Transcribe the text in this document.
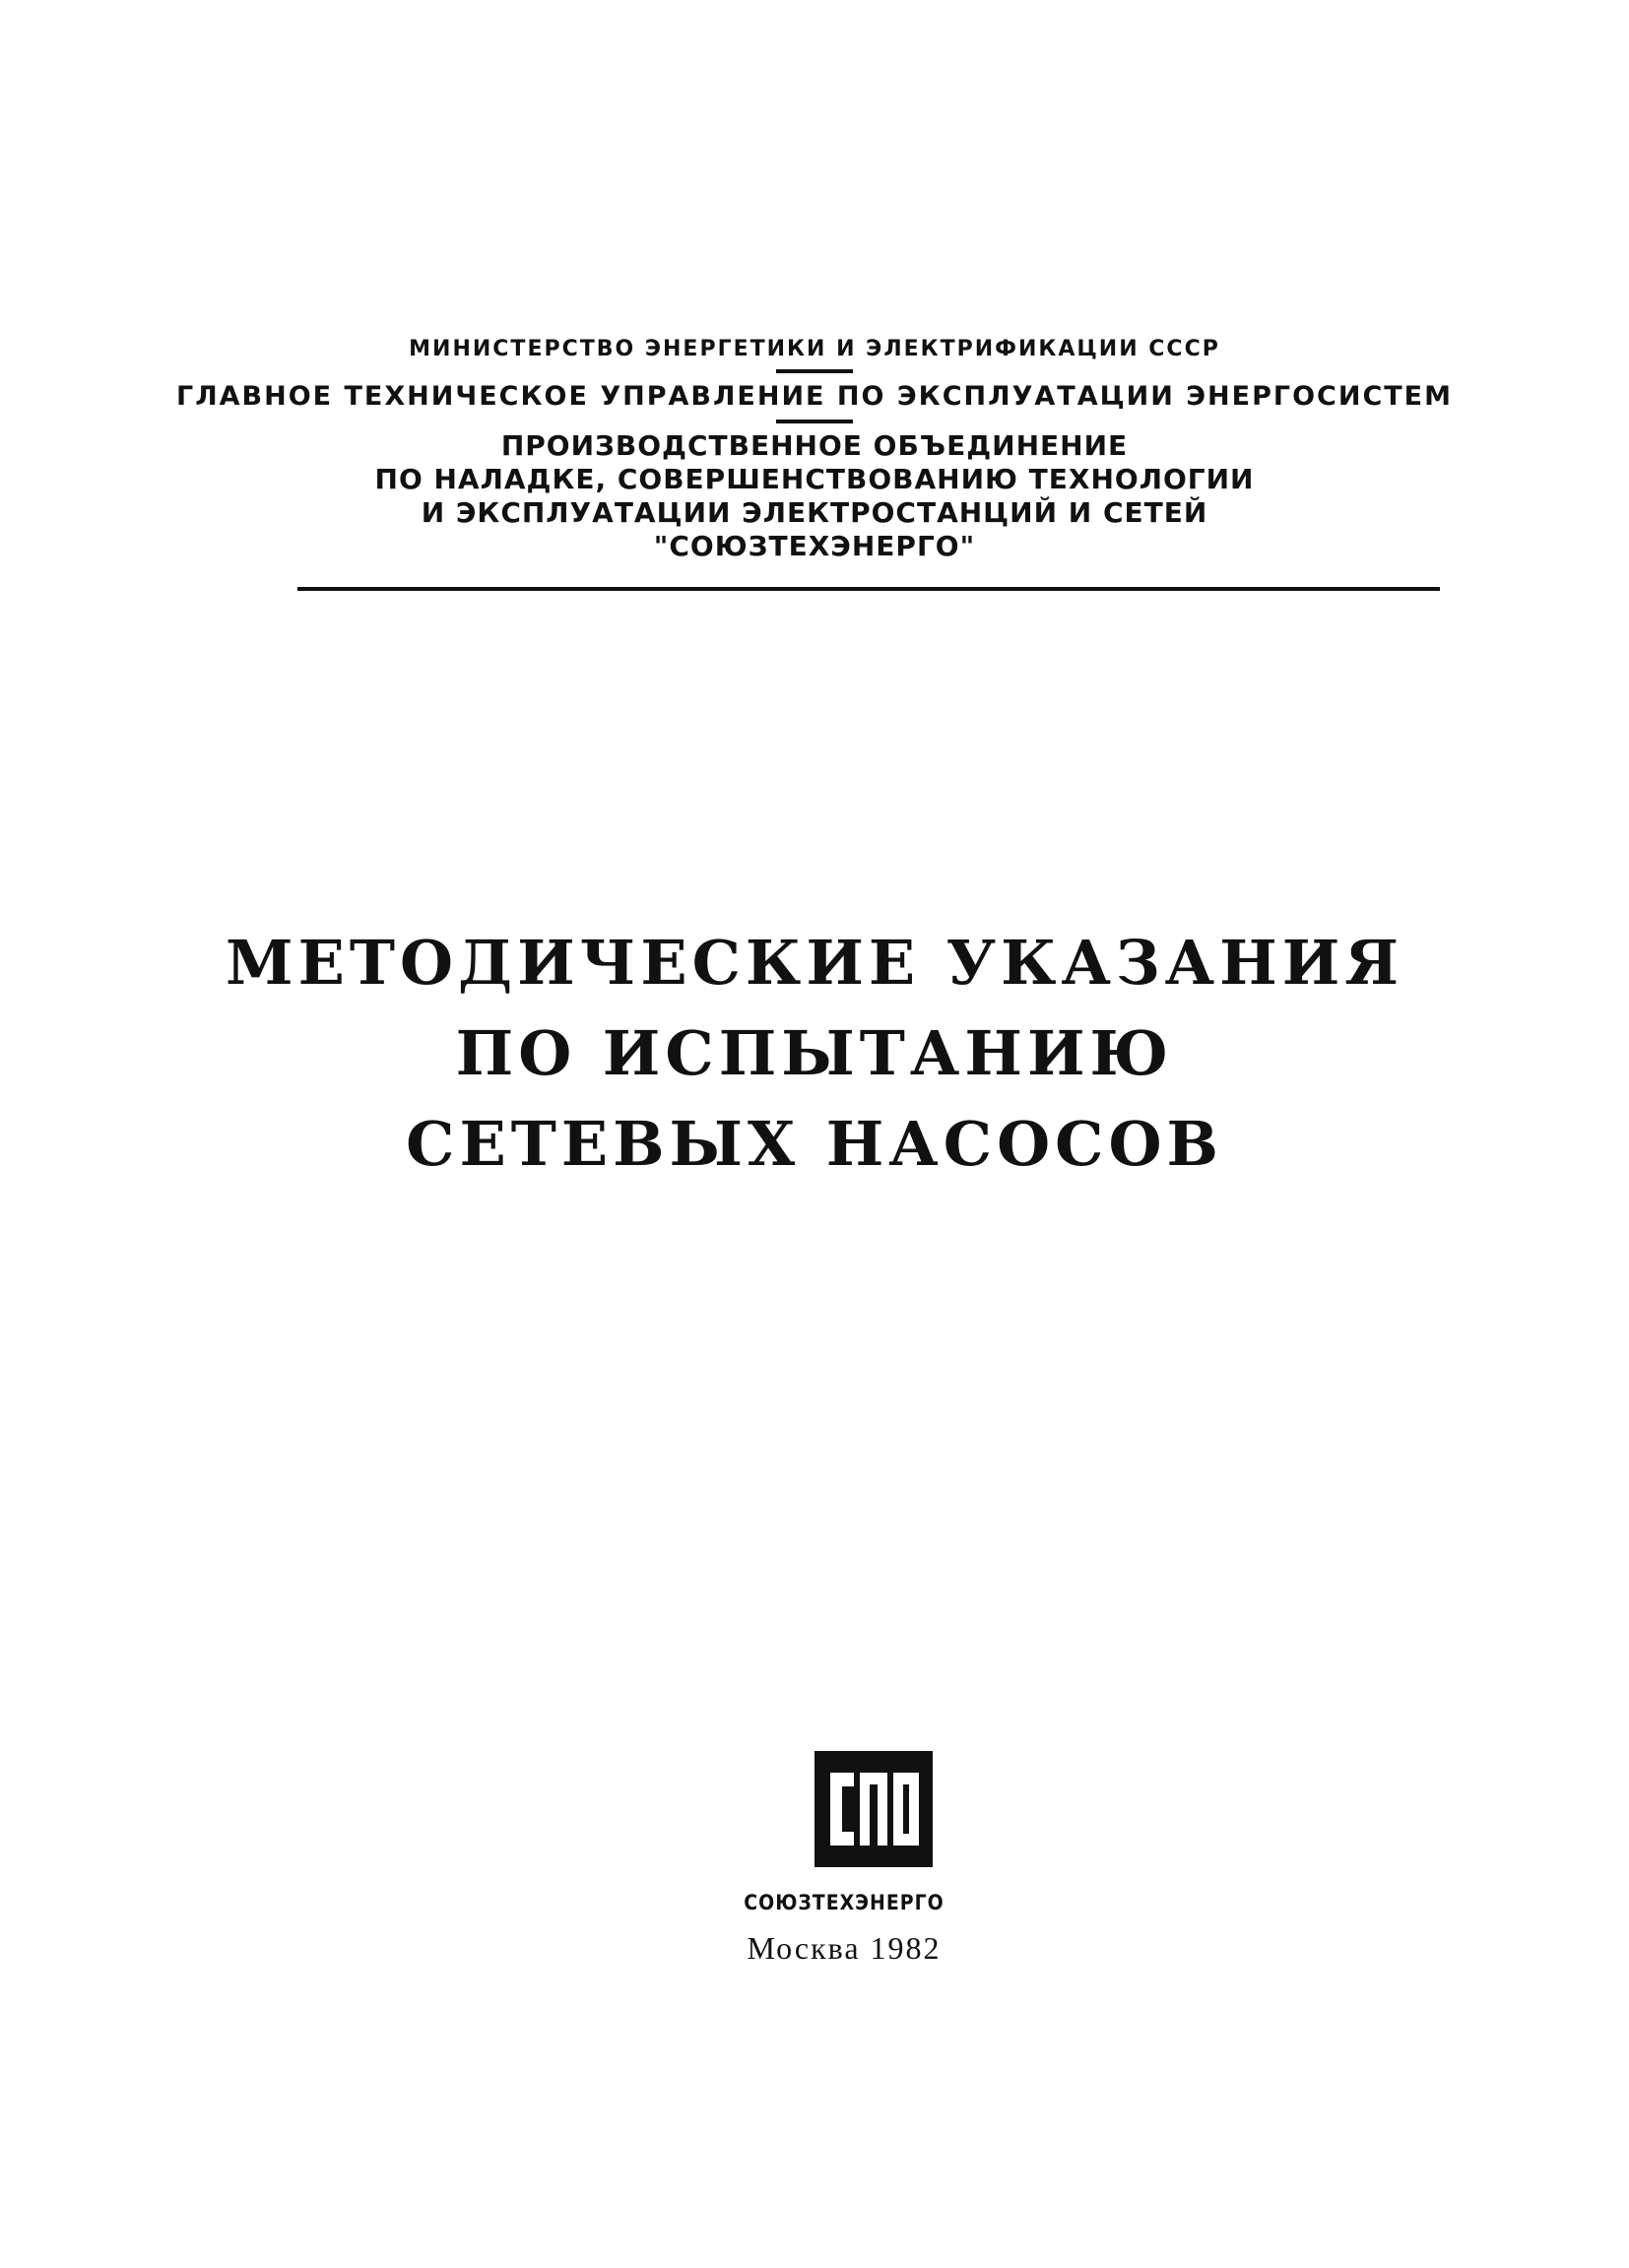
МИНИСТЕРСТВО ЭНЕРГЕТИКИ И ЭЛЕКТРИФИКАЦИИ СССР
ГЛАВНОЕ ТЕХНИЧЕСКОЕ УПРАВЛЕНИЕ ПО ЭКСПЛУАТАЦИИ ЭНЕРГОСИСТЕМ
ПРОИЗВОДСТВЕННОЕ ОБЪЕДИНЕНИЕ
ПО НАЛАДКЕ, СОВЕРШЕНСТВОВАНИЮ ТЕХНОЛОГИИ
И ЭКСПЛУАТАЦИИ ЭЛЕКТРОСТАНЦИЙ И СЕТЕЙ
"СОЮЗТЕХЭНЕРГО"
МЕТОДИЧЕСКИЕ УКАЗАНИЯ
ПО ИСПЫТАНИЮ
СЕТЕВЫХ НАСОСОВ
СОЮЗТЕХЭНЕРГО
Москва 1982
